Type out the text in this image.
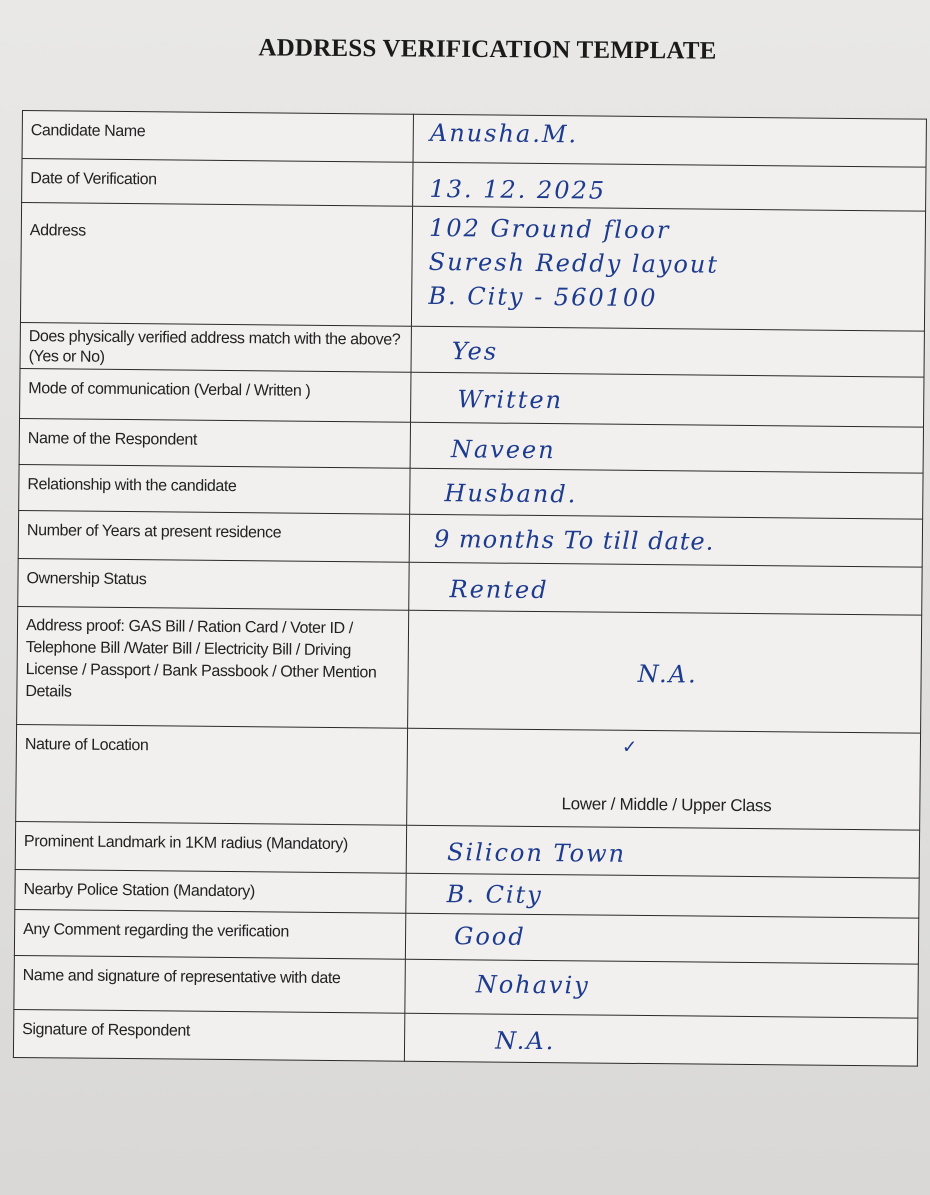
ADDRESS VERIFICATION TEMPLATE
Candidate Name	Anusha.M.
Date of Verification	13. 12. 2025
Address	102 Ground floor
Suresh Reddy layout
B. City - 560100
Does physically verified address match with the above?(Yes or No)	Yes
Mode of communication (Verbal / Written )	Written
Name of the Respondent	Naveen
Relationship with the candidate	Husband.
Number of Years at present residence	9 months To till date.
Ownership Status	Rented
Address proof: GAS Bill / Ration Card / Voter ID / Telephone Bill /Water Bill / Electricity Bill / Driving License / Passport / Bank Passbook / Other Mention Details	N.A.
Nature of Location	✓

Lower / Middle / Upper Class

Prominent Landmark in 1KM radius (Mandatory)	Silicon Town
Nearby Police Station (Mandatory)	B. City
Any Comment regarding the verification	Good
Name and signature of representative with date	Nohaviy
Signature of Respondent	N.A.
